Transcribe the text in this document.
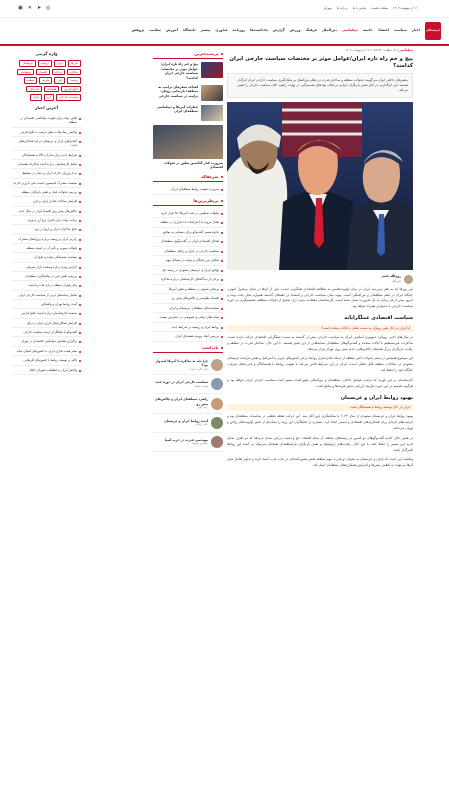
۱۶ اردیبهشت ۱۴۰۴
صفحه نخست
تماس با ما
درباره ما
نیوزلتر
◎
➤
✕
▣
فرهیختگان
اخبار
سیاست
اقتصاد
جامعه
دیپلماسی
بین‌الملل
فرهنگ
ورزش
گزارش
یادداشت‌ها
روزنامه
فناوری
بیشتر
دانشگاه
آموزش
سلامت
پژوهش
دیپلماسی | کد مطلب: ۱۸۹۶۴۲ | ۱۶ اردیبهشت ۱۴۰۴
پیچ و خم راه تازه ایران/عوامل موثر بر مختصات سیاست خارجی ایران کدامند؟
متغیرهای داخلی ایران می‌گویند، تحولات منطقه و ساختار قدرت در نظام بین‌الملل بر شکل‌گیری سیاست خارجی ایران اثرگذار هستند. این اثرگذاری، در کنار نقش بازیگران ایرانی در قالب نهادهای تصمیم‌گیر، در نهایت راهبرد کلان سیاست خارجی را تعیین می‌کند.
روح‌الله نخعی
خبرنگار

این روزها که به نظر می‌رسد ایران در میان اولویت‌هایش به مطالعه اقتصادی همگرایی است. یکی از آن‌ها در دنیای پرتحول کنونی، جایگاه ایران در نظم منطقه‌ای و بین‌المللی است. پیوند میان سیاست خارجی و اقتصاد در دهه‌های گذشته همواره محل بحث بوده و امروز بیش از هر زمانی به یک ضرورت تبدیل شده است. کارشناسان معتقدند بدون درک صحیح از تحولات منطقه، تصمیم‌گیری در حوزه سیاست خارجی با دشواری همراه خواهد بود.

سیاست اقتصادی عملگرایانه
آیا ایران در حال تغییر رویکرد به سمت تعامل با ایالات متحده است؟

در سال‌های اخیر، رویکرد جمهوری اسلامی ایران به سیاست خارجی بیش از گذشته به سمت عملگرایی اقتصادی حرکت کرده است. مذاکرات غیرمستقیم با ایالات متحده و گفت‌وگوهای منطقه‌ای نشانه‌هایی از این تغییر هستند. با این حال، ساختار قدرت در منطقه و رقابت بازیگران بزرگ همچنان چالش‌هایی جدی پیش روی تهران قرار می‌دهد.

این موضوع همچنین در بستر تحولات اخیر منطقه از جمله عادی‌سازی روابط برخی کشورهای عربی با اسرائیل و نقش فزاینده عربستان سعودی در معادلات منطقه قابل تحلیل است. ایران در این شرایط تلاش می‌کند با تقویت روابط با همسایگان و قدرت‌های شرقی، جایگاه خود را حفظ کند.

کارشناسان بر این باورند که ترکیب عوامل داخلی، منطقه‌ای و بین‌المللی تعیین‌کننده مسیر آینده سیاست خارجی ایران خواهد بود و هرگونه تصمیم در این حوزه نیازمند ارزیابی دقیق هزینه‌ها و منافع است.

بهبود روابط ایران و عربستان
ایران در حال توسعه روابط با همسایگان است

بهبود روابط ایران و عربستان سعودی از سال ۲۰۲۳ با میانجیگری چین آغاز شد. این حرکت نقطه عطفی در مناسبات منطقه‌ای بود و فرصت‌های تازه‌ای برای همکاری‌های اقتصادی و امنیتی ایجاد کرد. بسیاری از تحلیلگران این روند را نشانه‌ای از تغییر اولویت‌های ریاض و تهران می‌دانند.

در همین حال، ادامه گفت‌وگوهای دو کشور در زمینه‌های مختلف از جمله اقتصاد، حج و امنیت دریایی نشان می‌دهد که دو طرف تمایل دارند این مسیر را حفظ کنند. با این حال، رقابت‌های ژئوپلیتیک و نقش بازیگران فرامنطقه‌ای همچنان می‌تواند بر آینده این روابط تأثیرگذار باشد.

واقعیت این است که ایران و عربستان به عنوان دو قدرت مهم منطقه نقش تعیین‌کننده‌ای در ثبات غرب آسیا دارند و تداوم تعامل میان آن‌ها می‌تواند به کاهش تنش‌ها و افزایش همکاری‌های منطقه‌ای کمک کند.

پربیننده‌ترین
پیچ و خم راه تازه ایران/عوامل موثر بر مختصات سیاست خارجی ایران کدامند؟
اهداف سفرهای ترامپ به منطقه؛ بازنمایی رویکرد ترامپ در سیاست خارجی
خطرات آمریکا و دیپلماسی منطقه‌ای ایران
ضرورت کنار گذاشتن تعلیق در تحولات اقتصادی
سرمقاله
ضرورت تقویت روابط منطقه‌ای ایران
پرنظرترین‌ها
تبلیغات سیاسی در بحث آمریکا؛ ۲۵ هزار خرید
تقابل بیروت با اعتراضات ۱۸ هزاری در منطقه
تداوم مسیر گفت‌وگو برای دستیابی به توافق
اهداف اقتصادی ایران در گفت‌وگوی منطقه‌ای
سیاست خارجی در ایران و رقبای منطقه‌ای
شکاف بین نخبگان و دولت در مسائل مهم
توافق ایران و عربستان سعودی در زمینه حج
برخی از دیدگاه‌های کارشناسان درباره مذاکره
بی‌ثباتی امنیتی در منطقه و نقش آمریکا
اقتصاد مقاومتی و چالش‌های پیش رو
سیاست‌های منطقه‌ای عربستان و ایران
سایت‌های دولتی و خصوصی در دسترس نیست
روابط ایران و روسیه در شرایط جدید
بررسی ابعاد پرونده هسته‌ای ایران
یادداشت
چرا باید به مذاکره با آمریکا امیدوار بود؟
علی اکبر احمدی
سیاست خارجی ایران در دوره جدید
مهدی جلیلی
راهبرد منطقه‌ای ایران و چالش‌های پیش رو
رضا رهبر
آینده روابط ایران و عربستان
علی زیبایی
مهندسی قدرت در غرب آسیا
محسن صفوی
واژه گزینی
آمریکا
ایران
ترامپ
عربستان
مذاکره
برجام
اقتصاد
دیپلماسی
روسیه
چین
تحریم
منطقه
خلیج فارس
هسته‌ای
اسرائیل
سیاست خارجی
غزه
لبنان
آخرین اخبار
تلاش دولت برای تقویت دیپلماسی اقتصادی در منطقه
واکنش رسانه‌ها به سفر ترامپ به خلیج فارس
گفت‌وگوی ایران و عربستان درباره همکاری‌های جدید
شرایط جدید برای صادرات کالا به همسایگان
تحلیل کارشناسان درباره آینده مذاکرات هسته‌ای
دیدار وزیران خارجه ایران و عمان در مسقط
نشست مشترک کمیسیون امنیت ملی با وزیر خارجه
بررسی تحولات لبنان و نقش بازیگران منطقه
افزایش مبادلات تجاری ایران و چین
چالش‌های پیش روی اقتصاد ایران در سال جدید
برنامه دولت برای کنترل نرخ ارز و تورم
نتایج مذاکرات ایران و اروپا در ژنو
رایزنی ایران و روسیه درباره پروژه‌های مشترک
تحولات سوریه و تأثیر آن بر امنیت منطقه
سیاست همسایگی دولت و نتایج آن
گزارش ویژه درباره وضعیت بازار سرمایه
بررسی نقش چین در میانجیگری منطقه‌ای
پیام رهبران منطقه درباره ثبات و امنیت
تحلیل رسانه‌های غربی از سیاست خارجی ایران
آینده روابط تهران و واشنگتن
نشست کارشناسان درباره امنیت خلیج فارس
افزایش همکاری‌های انرژی ایران و عراق
گفت‌وگو با تحلیلگران ارشد سیاست خارجی
برگزاری همایش دیپلماسی اقتصادی در تهران
سفر هیئت تجاری ایران به کشورهای آسیای میانه
تأکید بر توسعه روابط با کشورهای آفریقایی
واکنش ایران به قطعنامه شورای حکام
